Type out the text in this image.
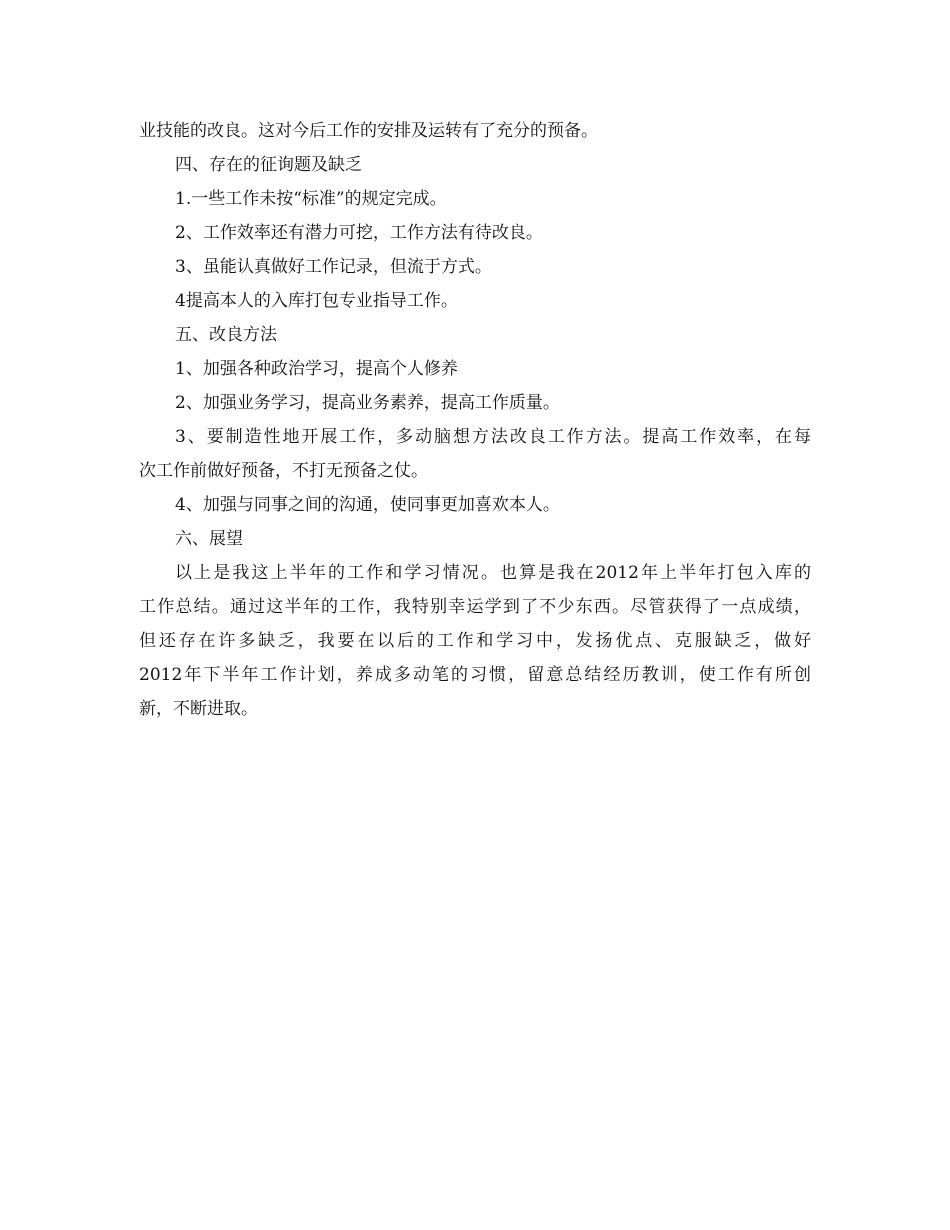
业技能的改良。这对今后工作的安排及运转有了充分的预备。

四、存在的征询题及缺乏

1.一些工作未按“标准”的规定完成。

2、工作效率还有潜力可挖，工作方法有待改良。

3、虽能认真做好工作记录，但流于方式。

4提高本人的入库打包专业指导工作。

五、改良方法

1、加强各种政治学习，提高个人修养

2、加强业务学习，提高业务素养，提高工作质量。

3、要制造性地开展工作，多动脑想方法改良工作方法。提高工作效率，在每

次工作前做好预备，不打无预备之仗。

4、加强与同事之间的沟通，使同事更加喜欢本人。

六、展望

以上是我这上半年的工作和学习情况。也算是我在2012年上半年打包入库的

工作总结。通过这半年的工作，我特别幸运学到了不少东西。尽管获得了一点成绩，

但还存在许多缺乏，我要在以后的工作和学习中，发扬优点、克服缺乏，做好

2012年下半年工作计划，养成多动笔的习惯，留意总结经历教训，使工作有所创

新，不断进取。
